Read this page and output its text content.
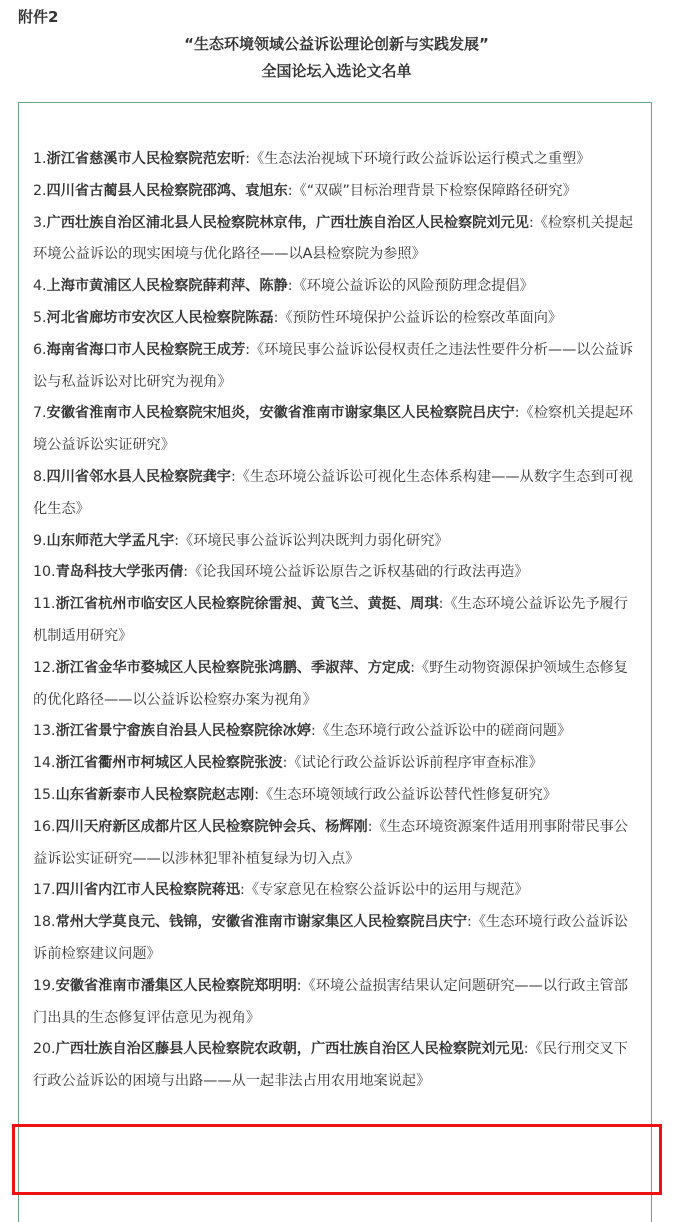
附件2
“生态环境领域公益诉讼理论创新与实践发展”
全国论坛入选论文名单
1.浙江省慈溪市人民检察院范宏昕:《生态法治视域下环境行政公益诉讼运行模式之重塑》
2.四川省古蔺县人民检察院邵鸿、袁旭东:《“双碳”目标治理背景下检察保障路径研究》
3.广西壮族自治区浦北县人民检察院林京伟，广西壮族自治区人民检察院刘元见:《检察机关提起环境公益诉讼的现实困境与优化路径——以A县检察院为参照》
4.上海市黄浦区人民检察院薛莉萍、陈静:《环境公益诉讼的风险预防理念提倡》
5.河北省廊坊市安次区人民检察院陈磊:《预防性环境保护公益诉讼的检察改革面向》
6.海南省海口市人民检察院王成芳:《环境民事公益诉讼侵权责任之违法性要件分析——以公益诉讼与私益诉讼对比研究为视角》
7.安徽省淮南市人民检察院宋旭炎，安徽省淮南市谢家集区人民检察院吕庆宁:《检察机关提起环境公益诉讼实证研究》
8.四川省邻水县人民检察院龚宇:《生态环境公益诉讼可视化生态体系构建——从数字生态到可视化生态》
9.山东师范大学孟凡宇:《环境民事公益诉讼判决既判力弱化研究》
10.青岛科技大学张丙倩:《论我国环境公益诉讼原告之诉权基础的行政法再造》
11.浙江省杭州市临安区人民检察院徐雷昶、黄飞兰、黄挺、周琪:《生态环境公益诉讼先予履行机制适用研究》
12.浙江省金华市婺城区人民检察院张鸿鹏、季淑萍、方定成:《野生动物资源保护领域生态修复的优化路径——以公益诉讼检察办案为视角》
13.浙江省景宁畲族自治县人民检察院徐冰婷:《生态环境行政公益诉讼中的磋商问题》
14.浙江省衢州市柯城区人民检察院张波:《试论行政公益诉讼诉前程序审查标准》
15.山东省新泰市人民检察院赵志刚:《生态环境领域行政公益诉讼替代性修复研究》
16.四川天府新区成都片区人民检察院钟会兵、杨辉刚:《生态环境资源案件适用刑事附带民事公益诉讼实证研究——以涉林犯罪补植复绿为切入点》
17.四川省内江市人民检察院蒋迅:《专家意见在检察公益诉讼中的运用与规范》
18.常州大学莫良元、钱锦，安徽省淮南市谢家集区人民检察院吕庆宁:《生态环境行政公益诉讼诉前检察建议问题》
19.安徽省淮南市潘集区人民检察院郑明明:《环境公益损害结果认定问题研究——以行政主管部门出具的生态修复评估意见为视角》
20.广西壮族自治区藤县人民检察院农政朝，广西壮族自治区人民检察院刘元见:《民行刑交叉下行政公益诉讼的困境与出路——从一起非法占用农用地案说起》
